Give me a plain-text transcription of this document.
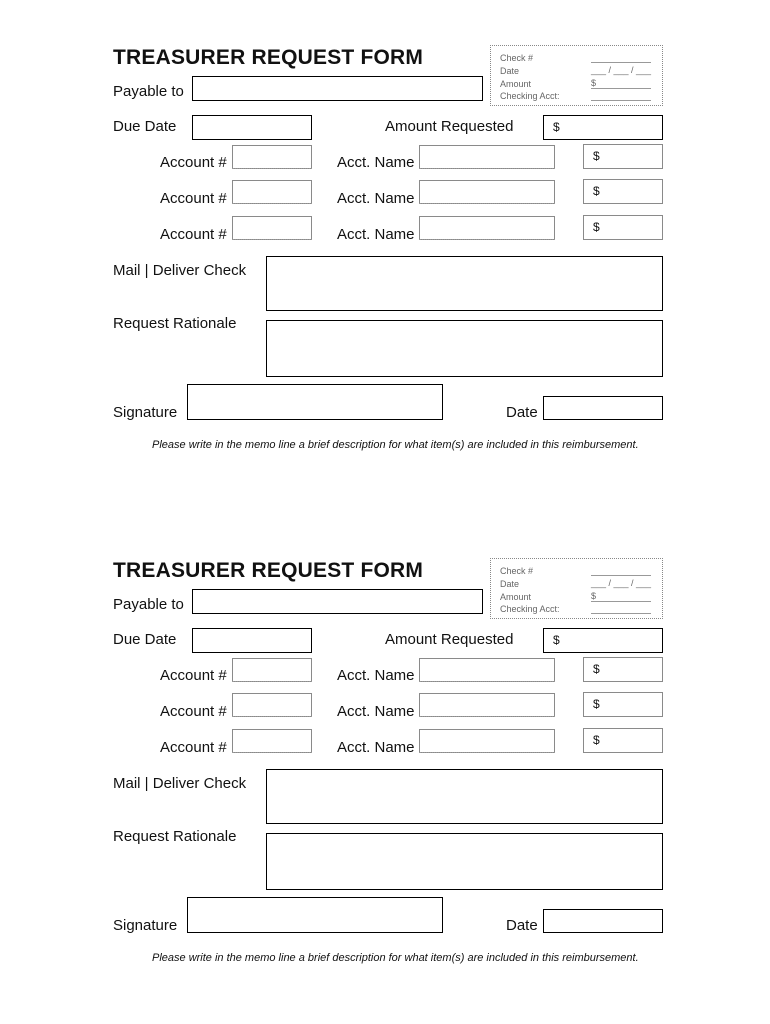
TREASURER REQUEST FORM	Check #
Date	___ / ___ / ___
Amount	$
Checking Acct:
Payable to
Due Date	Amount Requested	$
Account #	Acct. Name	$
Account #	Acct. Name	$
Account #	Acct. Name	$
Mail | Deliver Check
Request Rationale
Signature	Date
Please write in the memo line a brief description for what item(s) are included in this reimbursement.
TREASURER REQUEST FORM	Check #
Date	___ / ___ / ___
Amount	$
Checking Acct:
Payable to
Due Date	Amount Requested	$
Account #	Acct. Name	$
Account #	Acct. Name	$
Account #	Acct. Name	$
Mail | Deliver Check
Request Rationale
Signature	Date
Please write in the memo line a brief description for what item(s) are included in this reimbursement.
